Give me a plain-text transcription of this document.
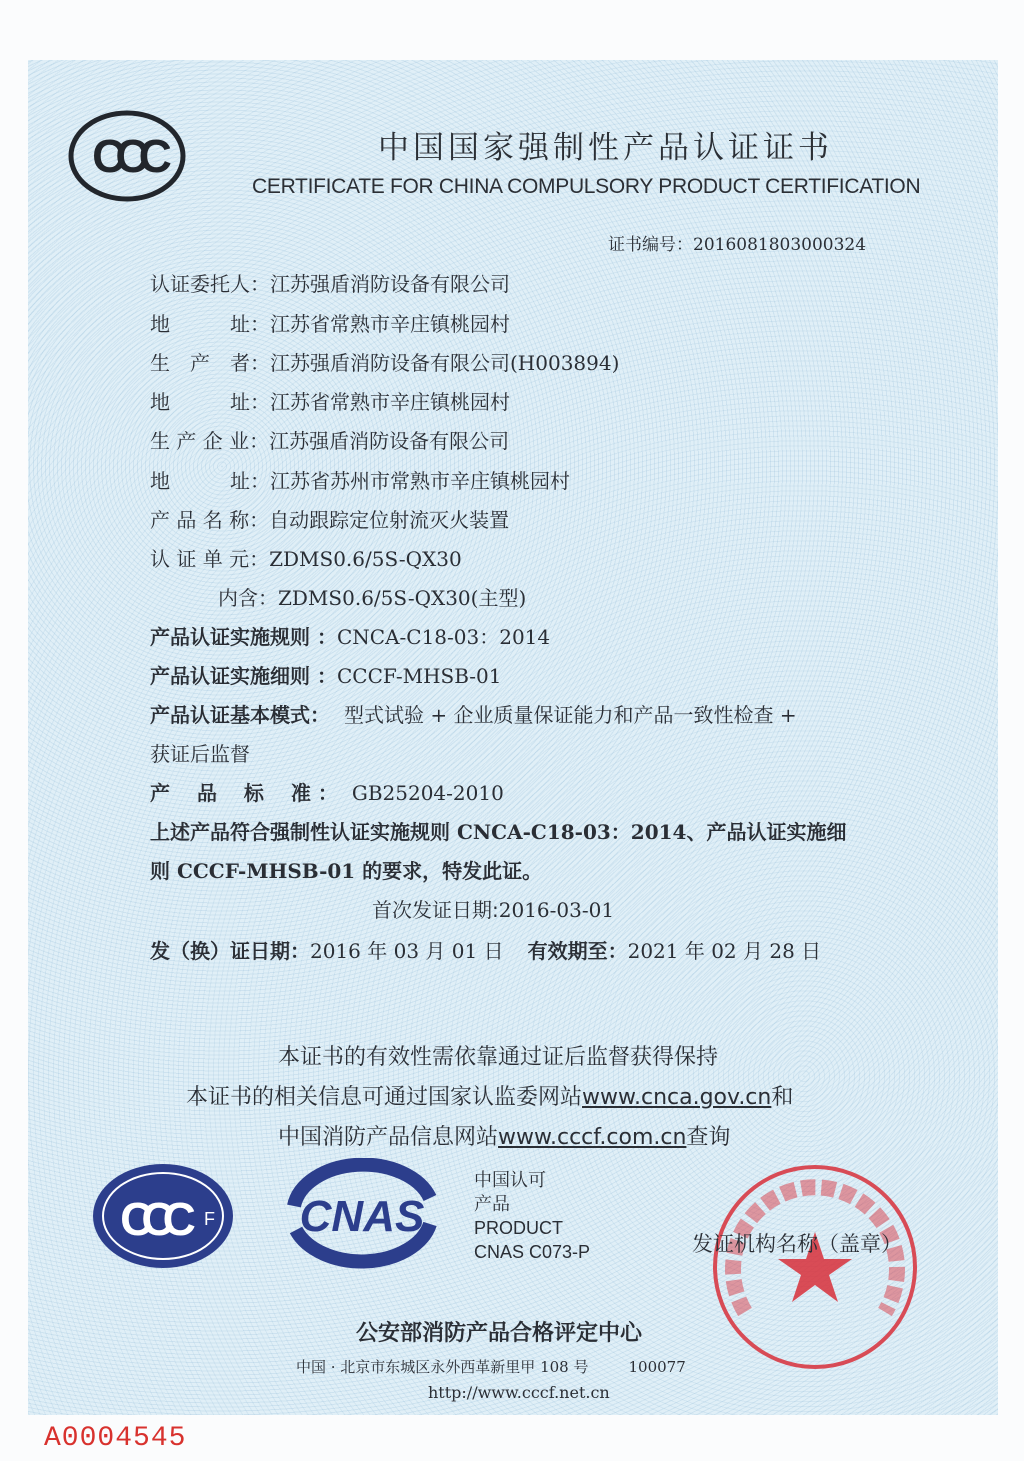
CCC	中国国家强制性产品认证证书
CERTIFICATE FOR CHINA COMPULSORY PRODUCT CERTIFICATION
证书编号：2016081803000324
认证委托人：江苏强盾消防设备有限公司
地　　　址：江苏省常熟市辛庄镇桃园村
生　产　者：江苏强盾消防设备有限公司(H003894)
地　　　址：江苏省常熟市辛庄镇桃园村
生 产 企 业：江苏强盾消防设备有限公司
地　　　址：江苏省苏州市常熟市辛庄镇桃园村
产 品 名 称：自动跟踪定位射流灭火装置
认 证 单 元：ZDMS0.6/5S-QX30
内含：ZDMS0.6/5S-QX30(主型)
产品认证实施规则 ：CNCA-C18-03：2014
产品认证实施细则 ：CCCF-MHSB-01
产品认证基本模式： 型式试验 + 企业质量保证能力和产品一致性检查 +
获证后监督
产　 品　 标　 准 ： GB25204-2010
上述产品符合强制性认证实施规则 CNCA-C18-03：2014、产品认证实施细
则 CCCF-MHSB-01 的要求，特发此证。
首次发证日期:2016-03-01
发（换）证日期：2016 年 03 月 01 日 有效期至：2021 年 02 月 28 日
本证书的有效性需依靠通过证后监督获得保持
本证书的相关信息可通过国家认监委网站www.cnca.gov.cn和
中国消防产品信息网站www.cccf.com.cn查询
CCC	F CNAS
中国认可
产品
PRODUCT
CNAS C073-P	发证机构名称（盖章）
公安部消防产品合格评定中心
中国 · 北京市东城区永外西革新里甲 108 号	100077
http://www.cccf.net.cn
A0004545
